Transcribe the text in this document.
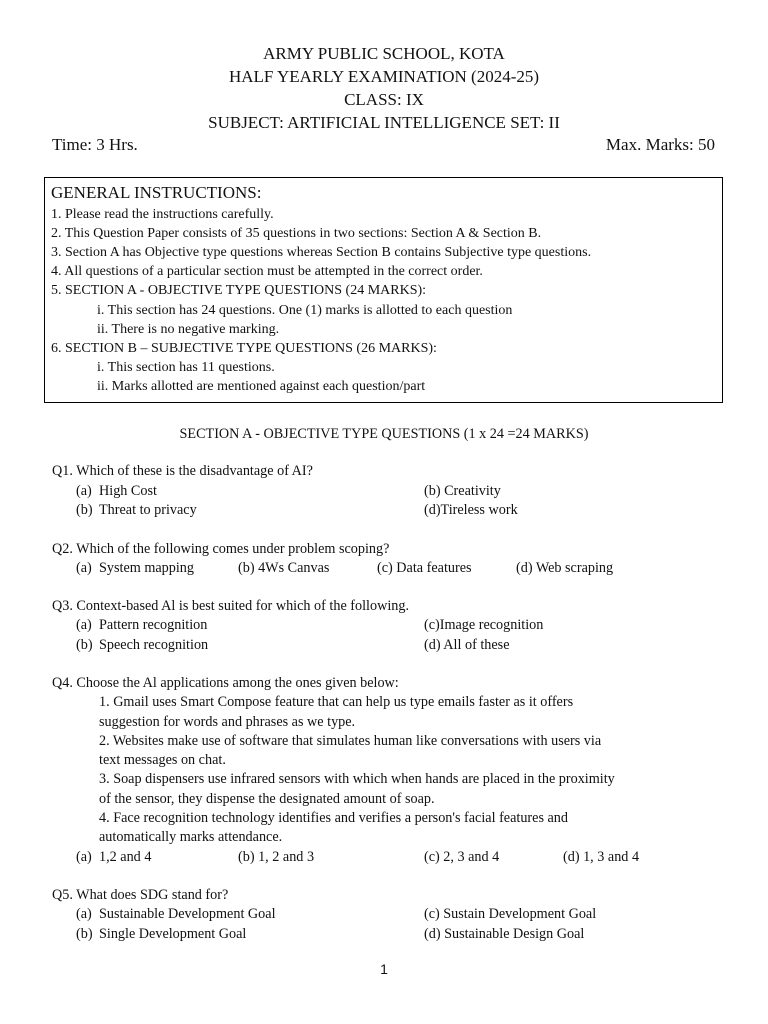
ARMY PUBLIC SCHOOL, KOTA
HALF YEARLY EXAMINATION (2024-25)
CLASS: IX
SUBJECT: ARTIFICIAL INTELLIGENCE SET: II
Time: 3 Hrs.	Max. Marks: 50
GENERAL INSTRUCTIONS:
1. Please read the instructions carefully.
2. This Question Paper consists of 35 questions in two sections: Section A & Section B.
3. Section A has Objective type questions whereas Section B contains Subjective type questions.
4. All questions of a particular section must be attempted in the correct order.
5. SECTION A - OBJECTIVE TYPE QUESTIONS (24 MARKS):
i. This section has 24 questions. One (1) marks is allotted to each question
ii. There is no negative marking.
6. SECTION B – SUBJECTIVE TYPE QUESTIONS (26 MARKS):
i. This section has 11 questions.
ii. Marks allotted are mentioned against each question/part
SECTION A - OBJECTIVE TYPE QUESTIONS (1 x 24 =24 MARKS)
Q1. Which of these is the disadvantage of AI?
(a) High Cost	(b) Creativity
(b) Threat to privacy	(d)Tireless work
Q2. Which of the following comes under problem scoping?
(a) System mapping	(b) 4Ws Canvas	(c) Data features	(d) Web scraping
Q3. Context-based Al is best suited for which of the following.
(a) Pattern recognition	(c)Image recognition
(b) Speech recognition	(d) All of these
Q4. Choose the Al applications among the ones given below:
1. Gmail uses Smart Compose feature that can help us type emails faster as it offers
suggestion for words and phrases as we type.
2. Websites make use of software that simulates human like conversations with users via
text messages on chat.
3. Soap dispensers use infrared sensors with which when hands are placed in the proximity
of the sensor, they dispense the designated amount of soap.
4. Face recognition technology identifies and verifies a person's facial features and
automatically marks attendance.
(a) 1,2 and 4	(b) 1, 2 and 3	(c) 2, 3 and 4	(d) 1, 3 and 4
Q5. What does SDG stand for?
(a) Sustainable Development Goal	(c) Sustain Development Goal
(b) Single Development Goal	(d) Sustainable Design Goal
1
